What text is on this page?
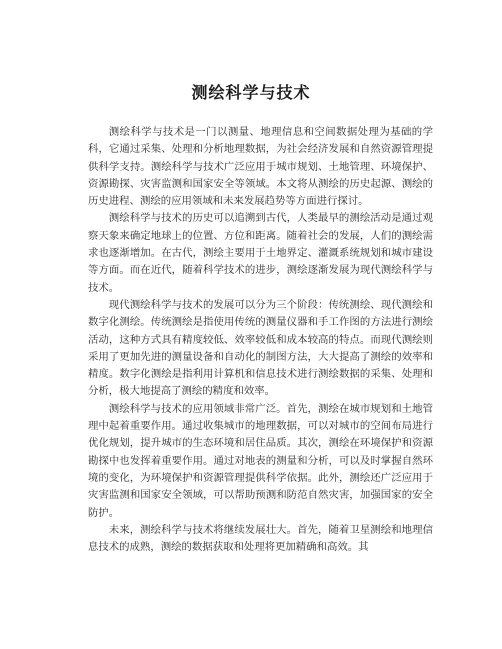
测绘科学与技术

测绘科学与技术是一门以测量、地理信息和空间数据处理为基础的学科，它通过采集、处理和分析地理数据，为社会经济发展和自然资源管理提供科学支持。测绘科学与技术广泛应用于城市规划、土地管理、环境保护、资源勘探、灾害监测和国家安全等领域。本文将从测绘的历史起源、测绘的历史进程、测绘的应用领域和未来发展趋势等方面进行探讨。

测绘科学与技术的历史可以追溯到古代，人类最早的测绘活动是通过观察天象来确定地球上的位置、方位和距离。随着社会的发展，人们的测绘需求也逐渐增加。在古代，测绘主要用于土地界定、灌溉系统规划和城市建设等方面。而在近代，随着科学技术的进步，测绘逐渐发展为现代测绘科学与技术。

现代测绘科学与技术的发展可以分为三个阶段：传统测绘、现代测绘和数字化测绘。传统测绘是指使用传统的测量仪器和手工作图的方法进行测绘活动，这种方式具有精度较低、效率较低和成本较高的特点。而现代测绘则采用了更加先进的测量设备和自动化的制图方法，大大提高了测绘的效率和精度。数字化测绘是指利用计算机和信息技术进行测绘数据的采集、处理和分析，极大地提高了测绘的精度和效率。

测绘科学与技术的应用领域非常广泛。首先，测绘在城市规划和土地管理中起着重要作用。通过收集城市的地理数据，可以对城市的空间布局进行优化规划，提升城市的生态环境和居住品质。其次，测绘在环境保护和资源勘探中也发挥着重要作用。通过对地表的测量和分析，可以及时掌握自然环境的变化，为环境保护和资源管理提供科学依据。此外，测绘还广泛应用于灾害监测和国家安全领域，可以帮助预测和防范自然灾害，加强国家的安全防护。

未来，测绘科学与技术将继续发展壮大。首先，随着卫星测绘和地理信息技术的成熟，测绘的数据获取和处理将更加精确和高效。其
